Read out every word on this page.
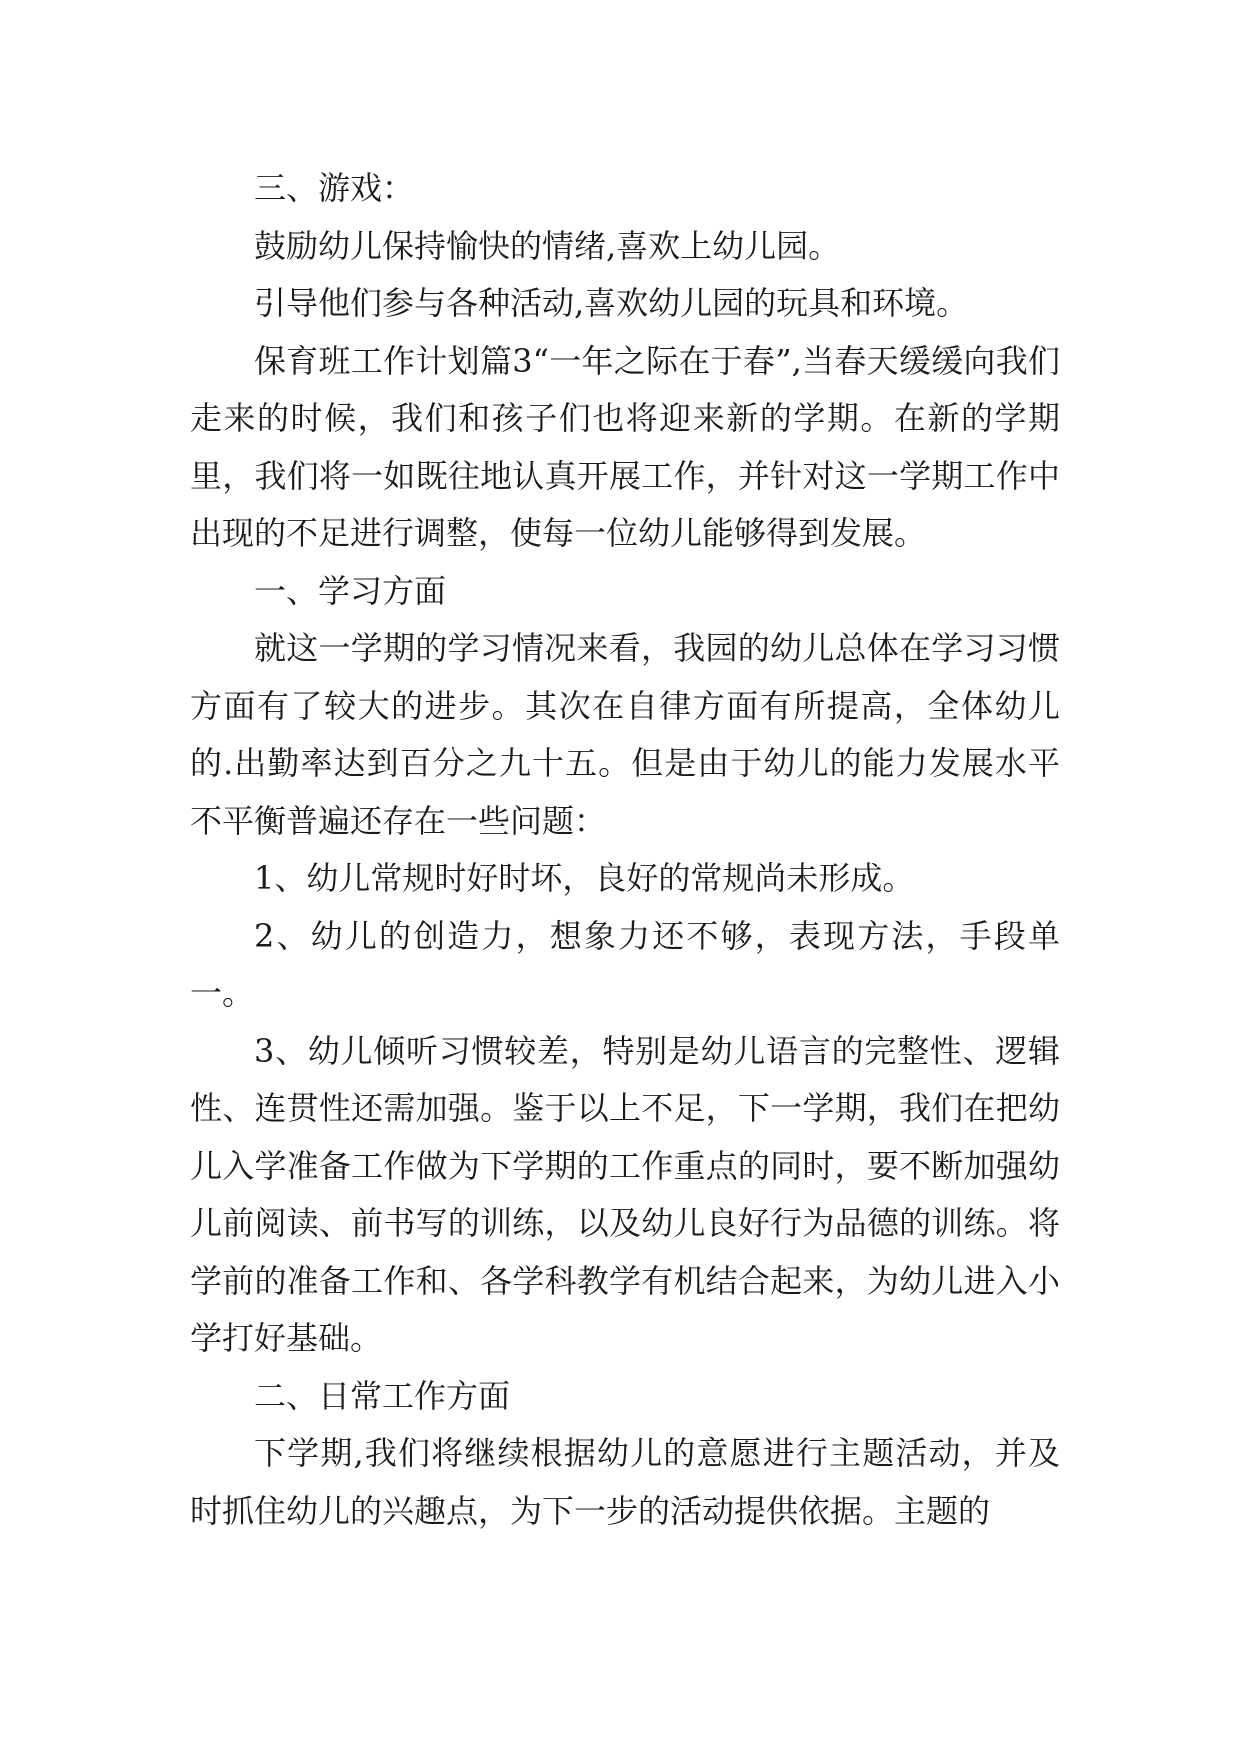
三、游戏：

鼓励幼儿保持愉快的情绪,喜欢上幼儿园。

引导他们参与各种活动,喜欢幼儿园的玩具和环境。

保育班工作计划篇3“一年之际在于春”,当春天缓缓向我们走来的时候，我们和孩子们也将迎来新的学期。在新的学期里，我们将一如既往地认真开展工作，并针对这一学期工作中出现的不足进行调整，使每一位幼儿能够得到发展。

一、学习方面

就这一学期的学习情况来看，我园的幼儿总体在学习习惯方面有了较大的进步。其次在自律方面有所提高，全体幼儿的.出勤率达到百分之九十五。但是由于幼儿的能力发展水平不平衡普遍还存在一些问题：

1、幼儿常规时好时坏，良好的常规尚未形成。

2、幼儿的创造力，想象力还不够，表现方法，手段单一。

3、幼儿倾听习惯较差，特别是幼儿语言的完整性、逻辑性、连贯性还需加强。鉴于以上不足，下一学期，我们在把幼儿入学准备工作做为下学期的工作重点的同时，要不断加强幼儿前阅读、前书写的训练，以及幼儿良好行为品德的训练。将学前的准备工作和、各学科教学有机结合起来，为幼儿进入小学打好基础。

二、日常工作方面

下学期,我们将继续根据幼儿的意愿进行主题活动，并及时抓住幼儿的兴趣点，为下一步的活动提供依据。主题的
